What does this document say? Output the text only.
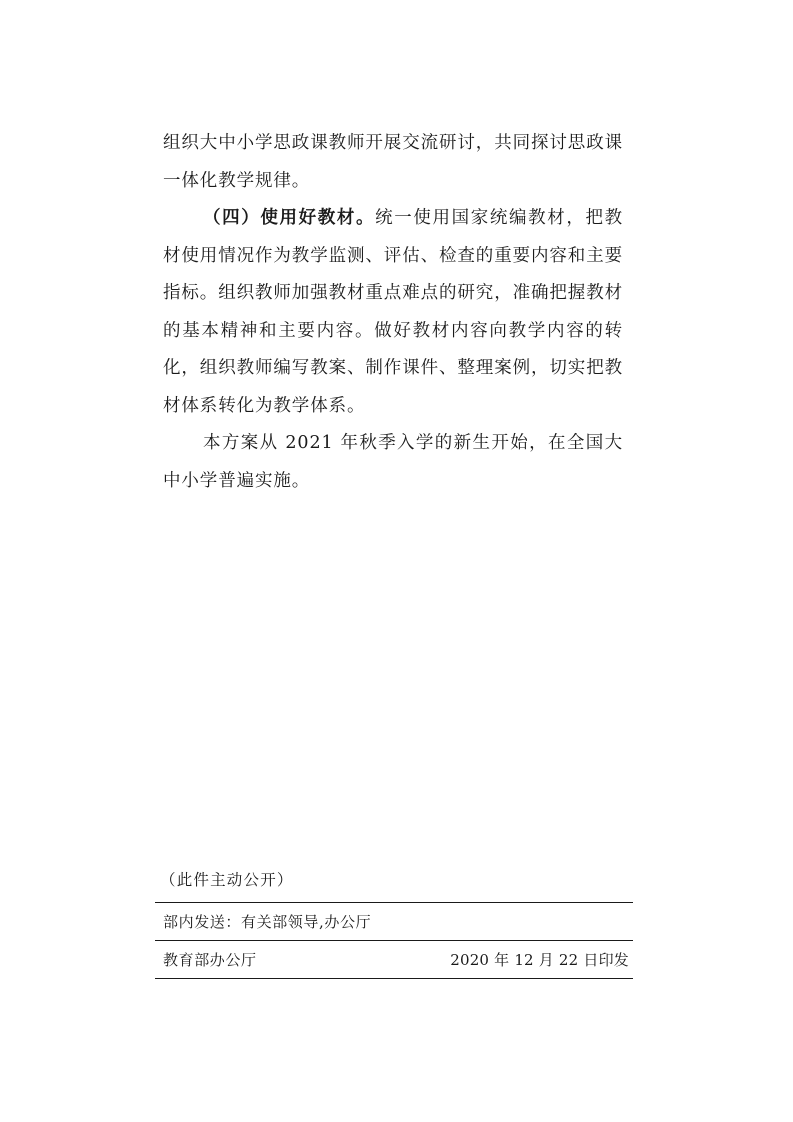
组织大中小学思政课教师开展交流研讨，共同探讨思政课一体化教学规律。

（四）使用好教材。统一使用国家统编教材，把教材使用情况作为教学监测、评估、检查的重要内容和主要指标。组织教师加强教材重点难点的研究，准确把握教材的基本精神和主要内容。做好教材内容向教学内容的转化，组织教师编写教案、制作课件、整理案例，切实把教材体系转化为教学体系。

本方案从 2021 年秋季入学的新生开始，在全国大中小学普遍实施。

（此件主动公开）
部内发送：有关部领导,办公厅
教育部办公厅	2020 年 12 月 22 日印发
